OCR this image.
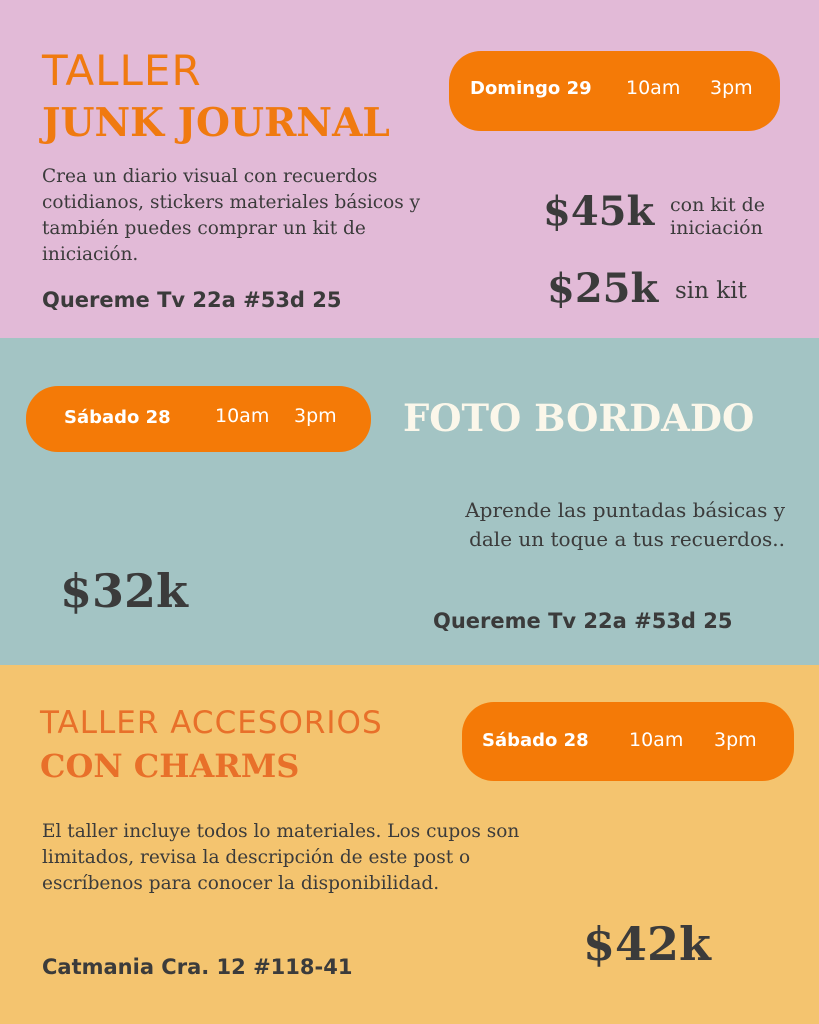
TALLER
JUNK JOURNAL
Domingo 29 10am 3pm
Crea un diario visual con recuerdos cotidianos, stickers materiales básicos y también puedes comprar un kit de iniciación.
Quereme Tv 22a #53d 25
$45k con kit de iniciación
$25k sin kit
Sábado 28 10am 3pm FOTO BORDADO
Aprende las puntadas básicas y
dale un toque a tus recuerdos..
$32k
Quereme Tv 22a #53d 25
TALLER ACCESORIOS
CON CHARMS
Sábado 28 10am 3pm
El taller incluye todos lo materiales. Los cupos son limitados, revisa la descripción de este post o escríbenos para conocer la disponibilidad.
Catmania Cra. 12 #118-41	$42k
